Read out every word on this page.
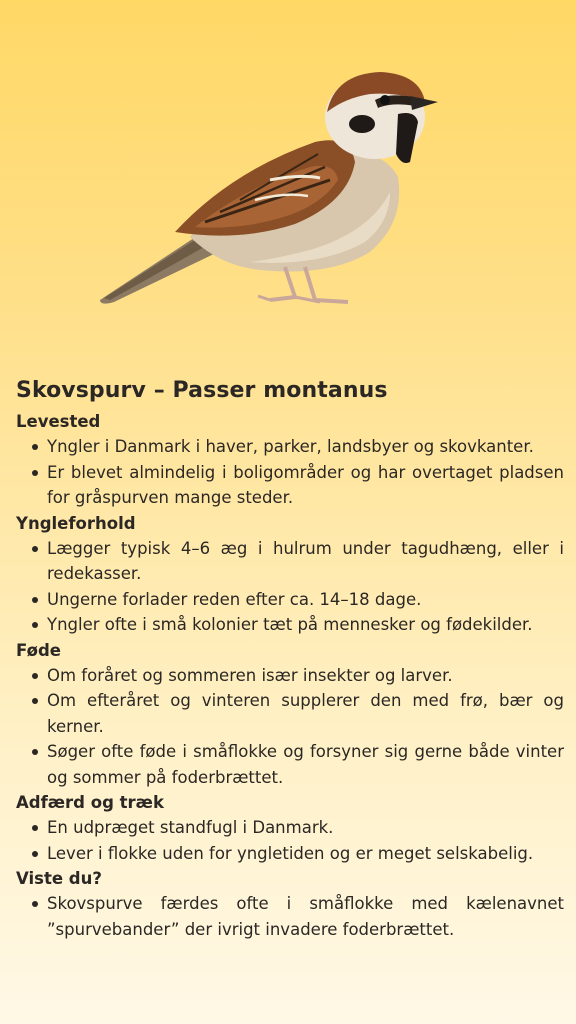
Skovspurv – Passer montanus
Levested
Yngler i Danmark i haver, parker, landsbyer og skovkanter.
Er blevet almindelig i boligområder og har overtaget pladsen for gråspurven mange steder.
Yngleforhold
Lægger typisk 4–6 æg i hulrum under tagudhæng, eller i redekasser.
Ungerne forlader reden efter ca. 14–18 dage.
Yngler ofte i små kolonier tæt på mennesker og fødekilder.
Føde
Om foråret og sommeren især insekter og larver.
Om efteråret og vinteren supplerer den med frø, bær og kerner.
Søger ofte føde i småflokke og forsyner sig gerne både vinter og sommer på foderbrættet.
Adfærd og træk
En udpræget standfugl i Danmark.
Lever i flokke uden for yngletiden og er meget selskabelig.
Viste du?
Skovspurve færdes ofte i småflokke med kælenavnet ”spurvebander” der ivrigt invadere foderbrættet.
